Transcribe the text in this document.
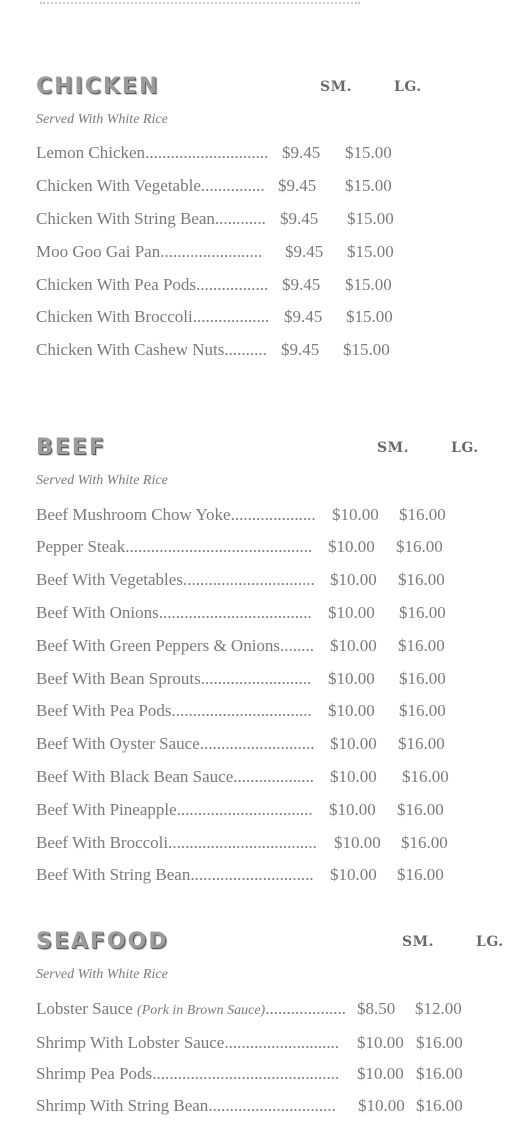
CHICKEN	SM.	LG.
Served With White Rice
Lemon Chicken............................. $9.45 $15.00
Chicken With Vegetable............... $9.45 $15.00
Chicken With String Bean............ $9.45 $15.00
Moo Goo Gai Pan........................ $9.45 $15.00
Chicken With Pea Pods................. $9.45 $15.00
Chicken With Broccoli.................. $9.45 $15.00
Chicken With Cashew Nuts.......... $9.45 $15.00
BEEF	SM.	LG.
Served With White Rice
Beef Mushroom Chow Yoke.................... $10.00 $16.00
Pepper Steak............................................ $10.00 $16.00
Beef With Vegetables............................... $10.00 $16.00
Beef With Onions.................................... $10.00 $16.00
Beef With Green Peppers & Onions........ $10.00 $16.00
Beef With Bean Sprouts.......................... $10.00 $16.00
Beef With Pea Pods................................. $10.00 $16.00
Beef With Oyster Sauce........................... $10.00 $16.00
Beef With Black Bean Sauce................... $10.00 $16.00
Beef With Pineapple................................ $10.00 $16.00
Beef With Broccoli................................... $10.00 $16.00
Beef With String Bean............................. $10.00 $16.00
SEAFOOD	SM.	LG.
Served With White Rice
Lobster Sauce (Pork in Brown Sauce)................... $8.50 $12.00
Shrimp With Lobster Sauce........................... $10.00 $16.00
Shrimp Pea Pods............................................ $10.00 $16.00
Shrimp With String Bean.............................. $10.00 $16.00
